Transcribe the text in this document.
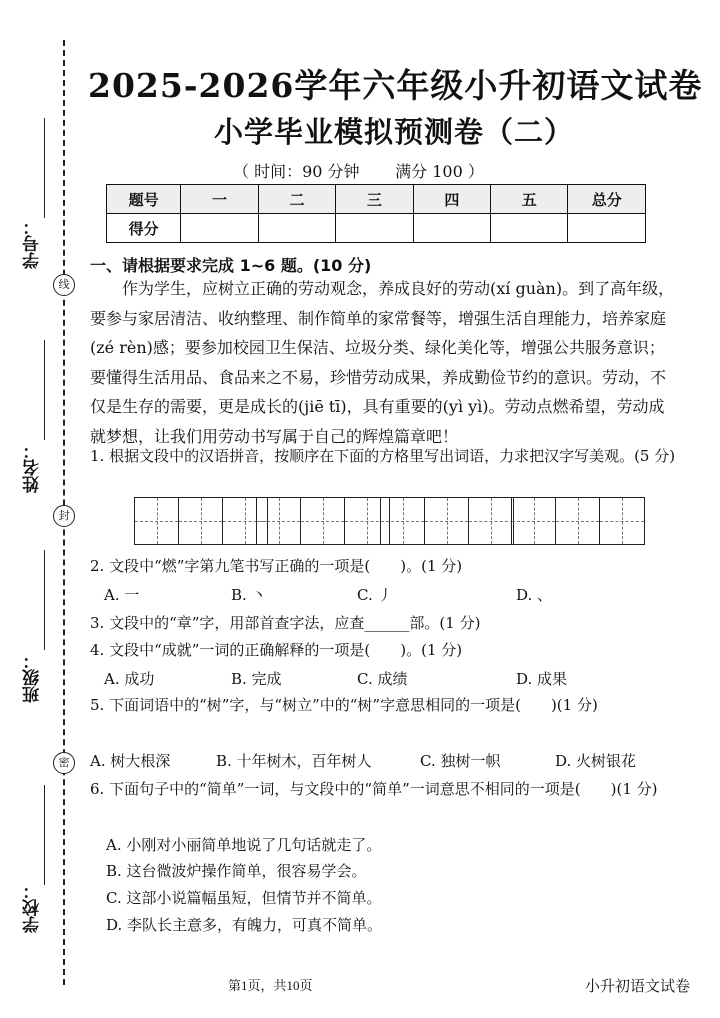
线
封
密
学号：
姓名：
班级：
学校：
2025-2026学年六年级小升初语文试卷
小学毕业模拟预测卷（二）
（ 时间：90 分钟       满分 100 ）
题号	一	二	三	四	五	总分
得分						
一、请根据要求完成 1~6 题。(10 分)
作为学生，应树立正确的劳动观念，养成良好的劳动(xí guàn)。到了高年级，要参与家居清洁、收纳整理、制作简单的家常餐等，增强生活自理能力，培养家庭(zé rèn)感；要参加校园卫生保洁、垃圾分类、绿化美化等，增强公共服务意识；要懂得生活用品、食品来之不易，珍惜劳动成果，养成勤俭节约的意识。劳动，不仅是生存的需要，更是成长的(jiē tī)，具有重要的(yì yì)。劳动点燃希望，劳动成就梦想，让我们用劳动书写属于自己的辉煌篇章吧！
1. 根据文段中的汉语拼音，按顺序在下面的方格里写出词语，力求把汉字写美观。(5 分)
2. 文段中“燃”字第九笔书写正确的一项是(　　)。(1 分)
A. 一	B. 丶	C. 丿	D. 、
3. 文段中的“章”字，用部首查字法，应查______部。(1 分)
4. 文段中“成就”一词的正确解释的一项是(　　)。(1 分)
A. 成功	B. 完成	C. 成绩	D. 成果
5. 下面词语中的“树”字，与“树立”中的“树”字意思相同的一项是(　　)(1 分)
A. 树大根深	B. 十年树木，百年树人	C. 独树一帜	D. 火树银花
6. 下面句子中的“简单”一词，与文段中的“简单”一词意思不相同的一项是(　　)(1 分)
A. 小刚对小丽简单地说了几句话就走了。
B. 这台微波炉操作简单，很容易学会。
C. 这部小说篇幅虽短，但情节并不简单。
D. 李队长主意多，有魄力，可真不简单。
第1页，共10页	小升初语文试卷
